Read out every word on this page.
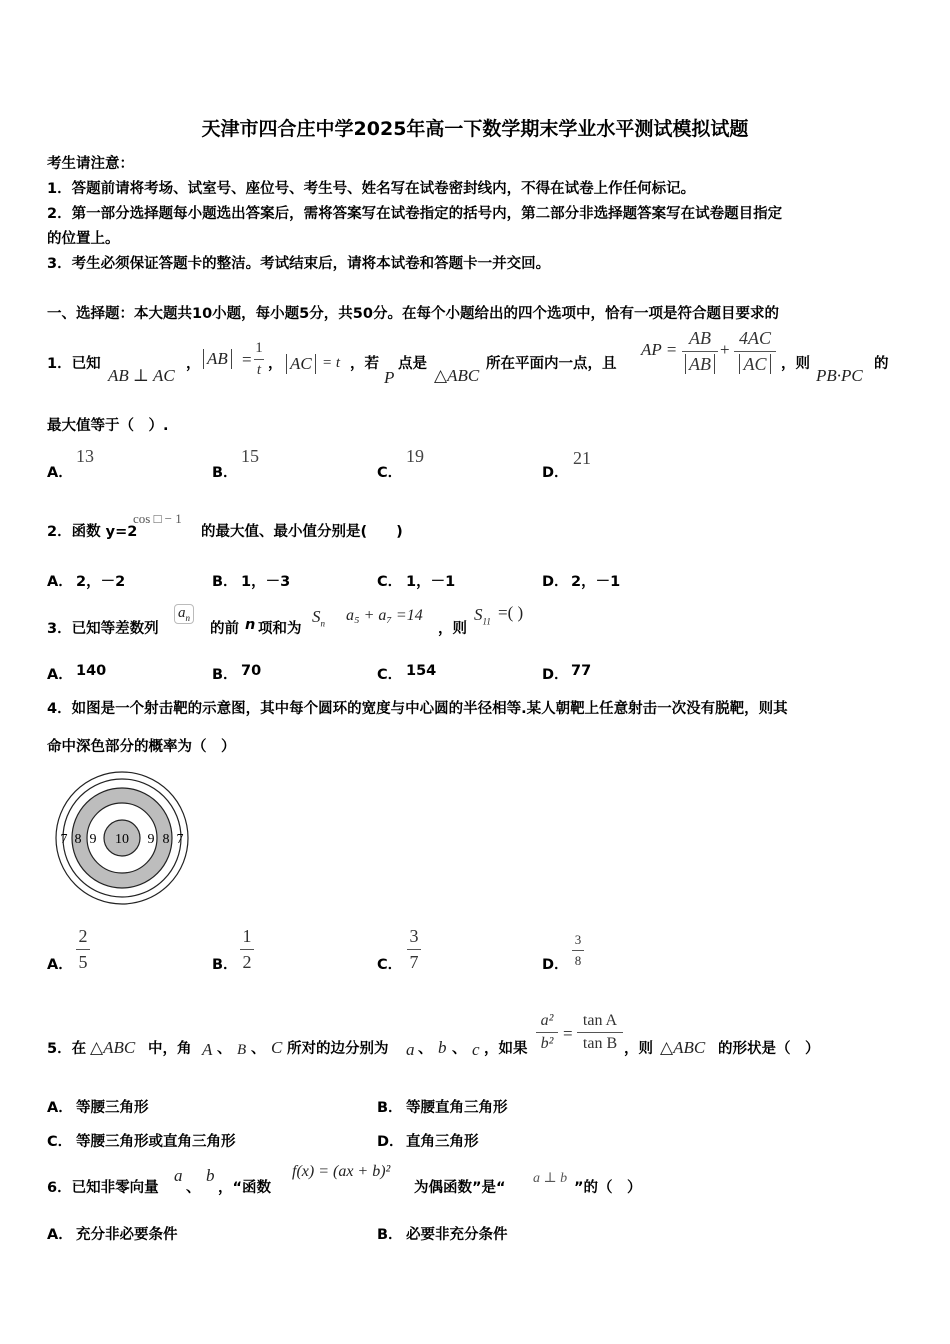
天津市四合庄中学2025年高一下数学期末学业水平测试模拟试题
考生请注意：
1．答题前请将考场、试室号、座位号、考生号、姓名写在试卷密封线内，不得在试卷上作任何标记。
2．第一部分选择题每小题选出答案后，需将答案写在试卷指定的括号内，第二部分非选择题答案写在试卷题目指定
的位置上。
3．考生必须保证答题卡的整洁。考试结束后，请将本试卷和答题卡一并交回。
一、选择题：本大题共10小题，每小题5分，共50分。在每个小题给出的四个选项中，恰有一项是符合题目要求的
1．已知
AB ⊥ AC
， AB =
1
t ， AC = t ，若
P
点是
△ABC
所在平面内一点，且
AP =
AB
AB
+
4AC
AC	，则
PB·PC
的
最大值等于（　）.
A．
13
B．
15
C．
19
D．
21
2．函数 y=2
cos □ − 1
的最大值、最小值分别是(　　)
A． 2，－2	B． 1，－3	C． 1，－1	D． 2，－1
3．已知等差数列
$a_n$
的前 n 项和为
$S_n$ a₅ + a₇ =14
，则
$S_{11}$ =( )
A． 140	B． 70	C． 154	D． 77
4．如图是一个射击靶的示意图，其中每个圆环的宽度与中心圆的半径相等.某人朝靶上任意射击一次没有脱靶，则其
命中深色部分的概率为（　）
10
9	9
8	8
7	7
A．
2
5	B．
1
2	C．
3
7	D．
3
8
5．在 △ABC 中，角 A 、 B 、 C 所对的边分别为 a 、 b 、 c ，如果
a²
b²
=
tan A
tan B ，则 △ABC 的形状是（　）
A． 等腰三角形	B． 等腰直角三角形
C． 等腰三角形或直角三角形	D． 直角三角形
6．已知非零向量
a
、
b
，“函数
f(x) = (ax + b)²
为偶函数”是“
a ⊥ b
”的（　）
A． 充分非必要条件	B． 必要非充分条件
